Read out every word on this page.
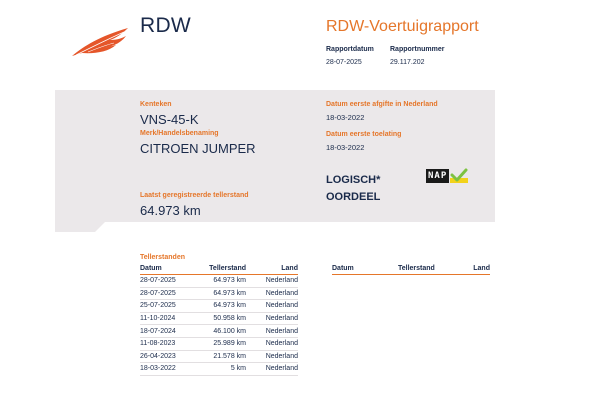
RDW	RDW-Voertuigrapport
Rapportdatum
28-07-2025
Rapportnummer
29.117.202
Kenteken
VNS-45-K
Merk/Handelsbenaming
CITROEN JUMPER
Laatst geregistreerde tellerstand
64.973 km
Datum eerste afgifte in Nederland
18-03-2022
Datum eerste toelating
18-03-2022
LOGISCH*
OORDEEL
NAP
Tellerstanden
Datum	Tellerstand	Land
28-07-2025	64.973 km	Nederland
28-07-2025	64.973 km	Nederland
25-07-2025	64.973 km	Nederland
11-10-2024	50.958 km	Nederland
18-07-2024	46.100 km	Nederland
11-08-2023	25.989 km	Nederland
26-04-2023	21.578 km	Nederland
18-03-2022	5 km	Nederland
Datum	Tellerstand	Land
